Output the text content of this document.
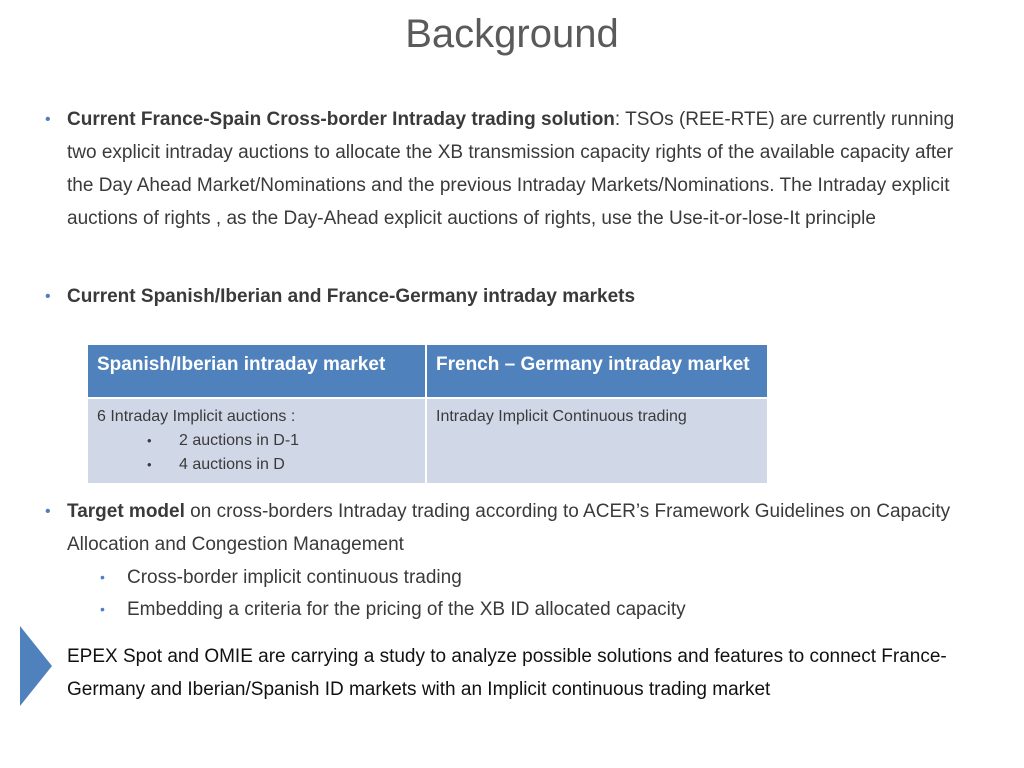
Background
• Current France-Spain Cross-border Intraday trading solution: TSOs (REE-RTE) are currently running two explicit intraday auctions to allocate the XB transmission capacity rights of the available capacity after the Day Ahead Market/Nominations and the previous Intraday Markets/Nominations. The Intraday explicit auctions of rights , as the Day-Ahead explicit auctions of rights, use the Use-it-or-lose-It principle
• Current Spanish/Iberian and France-Germany intraday markets
Spanish/Iberian intraday market	French – Germany intraday market

6 Intraday Implicit auctions :
• 2 auctions in D-1
• 4 auctions in D	Intraday Implicit Continuous trading
• Target model on cross-borders Intraday trading according to ACER’s Framework Guidelines on Capacity Allocation and Congestion Management
• Cross-border implicit continuous trading
• Embedding a criteria for the pricing of the XB ID allocated capacity
EPEX Spot and OMIE are carrying a study to analyze possible solutions and features to connect France-Germany and Iberian/Spanish ID markets with an Implicit continuous trading market
